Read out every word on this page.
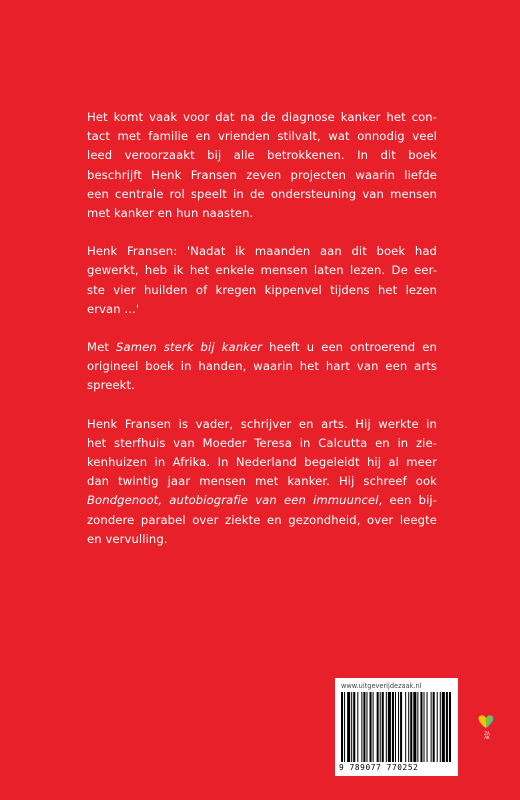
Het komt vaak voor dat na de diagnose kanker het con-
tact met familie en vrienden stilvalt, wat onnodig veel
leed veroorzaakt bij alle betrokkenen. In dit boek
beschrijft Henk Fransen zeven projecten waarin liefde
een centrale rol speelt in de ondersteuning van mensen
met kanker en hun naasten.

Henk Fransen: 'Nadat ik maanden aan dit boek had
gewerkt, heb ik het enkele mensen laten lezen. De eer-
ste vier huilden of kregen kippenvel tijdens het lezen
ervan ...'

Met Samen sterk bij kanker heeft u een ontroerend en
origineel boek in handen, waarin het hart van een arts
spreekt.

Henk Fransen is vader, schrijver en arts. Hij werkte in
het sterfhuis van Moeder Teresa in Calcutta en in zie-
kenhuizen in Afrika. In Nederland begeleidt hij al meer
dan twintig jaar mensen met kanker. Hij schreef ook
Bondgenoot, autobiografie van een immuuncel, een bij-
zondere parabel over ziekte en gezondheid, over leegte
en vervulling.

www.uitgeverijdezaak.nl
9 789077 770252
ZAAK
